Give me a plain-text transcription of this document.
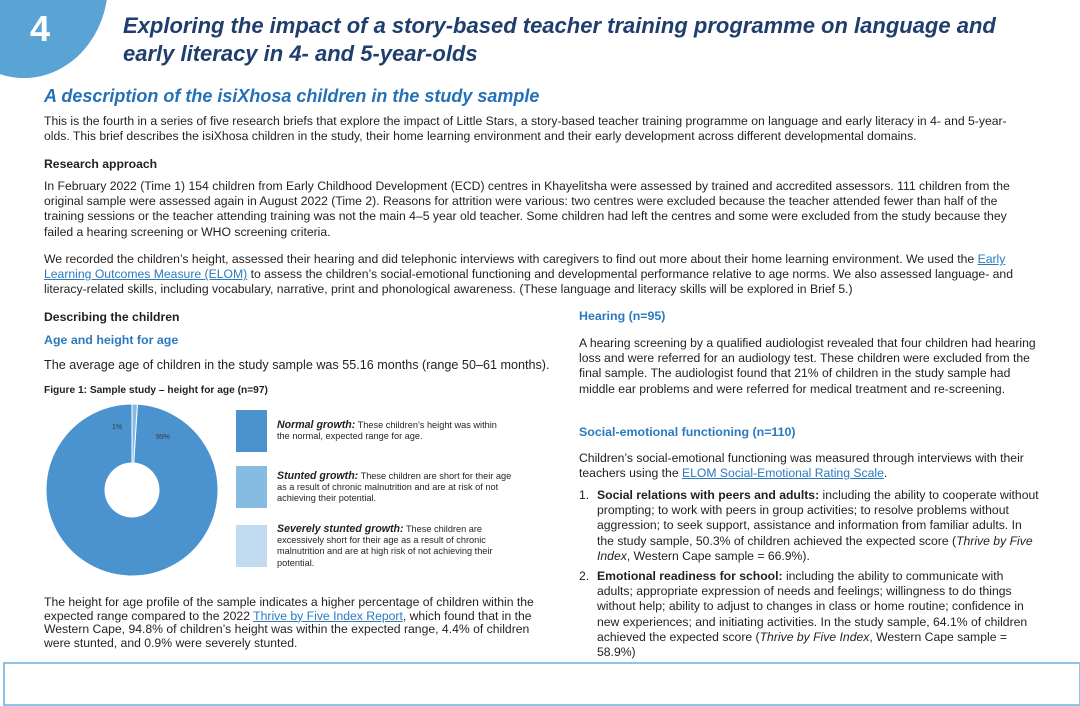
4	Exploring the impact of a story-based teacher training programme on language and early literacy in 4- and 5-year-olds
A description of the isiXhosa children in the study sample

This is the fourth in a series of five research briefs that explore the impact of Little Stars, a story-based teacher training programme on language and early literacy in 4- and 5-year-olds. This brief describes the isiXhosa children in the study, their home learning environment and their early development across different developmental domains.

Research approach

In February 2022 (Time 1) 154 children from Early Childhood Development (ECD) centres in Khayelitsha were assessed by trained and accredited assessors. 111 children from the original sample were assessed again in August 2022 (Time 2). Reasons for attrition were various: two centres were excluded because the teacher attended fewer than half of the training sessions or the teacher attending training was not the main 4–5 year old teacher. Some children had left the centres and some were excluded from the study because they failed a hearing screening or WHO screening criteria.

We recorded the children’s height, assessed their hearing and did telephonic interviews with caregivers to find out more about their home learning environment. We used the Early Learning Outcomes Measure (ELOM) to assess the children’s social-emotional functioning and developmental performance relative to age norms. We also assessed language- and literacy-related skills, including vocabulary, narrative, print and phonological awareness. (These language and literacy skills will be explored in Brief 5.)

Describing the children
Age and height for age

The average age of children in the study sample was 55.16 months (range 50–61 months).

Figure 1: Sample study – height for age (n=97)

99%
1%	Normal growth: These children’s height was within the normal, expected range for age.

Stunted growth: These children are short for their age as a result of chronic malnutrition and are at risk of not achieving their potential.

Severely stunted growth: These children are excessively short for their age as a result of chronic malnutrition and are at high risk of not achieving their potential.

The height for age profile of the sample indicates a higher percentage of children within the expected range compared to the 2022 Thrive by Five Index Report, which found that in the Western Cape, 94.8% of children’s height was within the expected range, 4.4% of children were stunted, and 0.9% were severely stunted.

Hearing (n=95)

A hearing screening by a qualified audiologist revealed that four children had hearing loss and were referred for an audiology test. These children were excluded from the final sample. The audiologist found that 21% of children in the study sample had middle ear problems and were referred for medical treatment and re-screening.

Social-emotional functioning (n=110)

Children’s social-emotional functioning was measured through interviews with their teachers using the ELOM Social-Emotional Rating Scale.

1. Social relations with peers and adults: including the ability to cooperate without prompting; to work with peers in group activities; to resolve problems without aggression; to seek support, assistance and information from familiar adults. In the study sample, 50.3% of children achieved the expected score (Thrive by Five Index, Western Cape sample = 66.9%).
2. Emotional readiness for school: including the ability to communicate with adults; appropriate expression of needs and feelings; willingness to do things without help; ability to adjust to changes in class or home routine; confidence in new experiences; and initiating activities. In the study sample, 64.1% of children achieved the expected score (Thrive by Five Index, Western Cape sample = 58.9%)
